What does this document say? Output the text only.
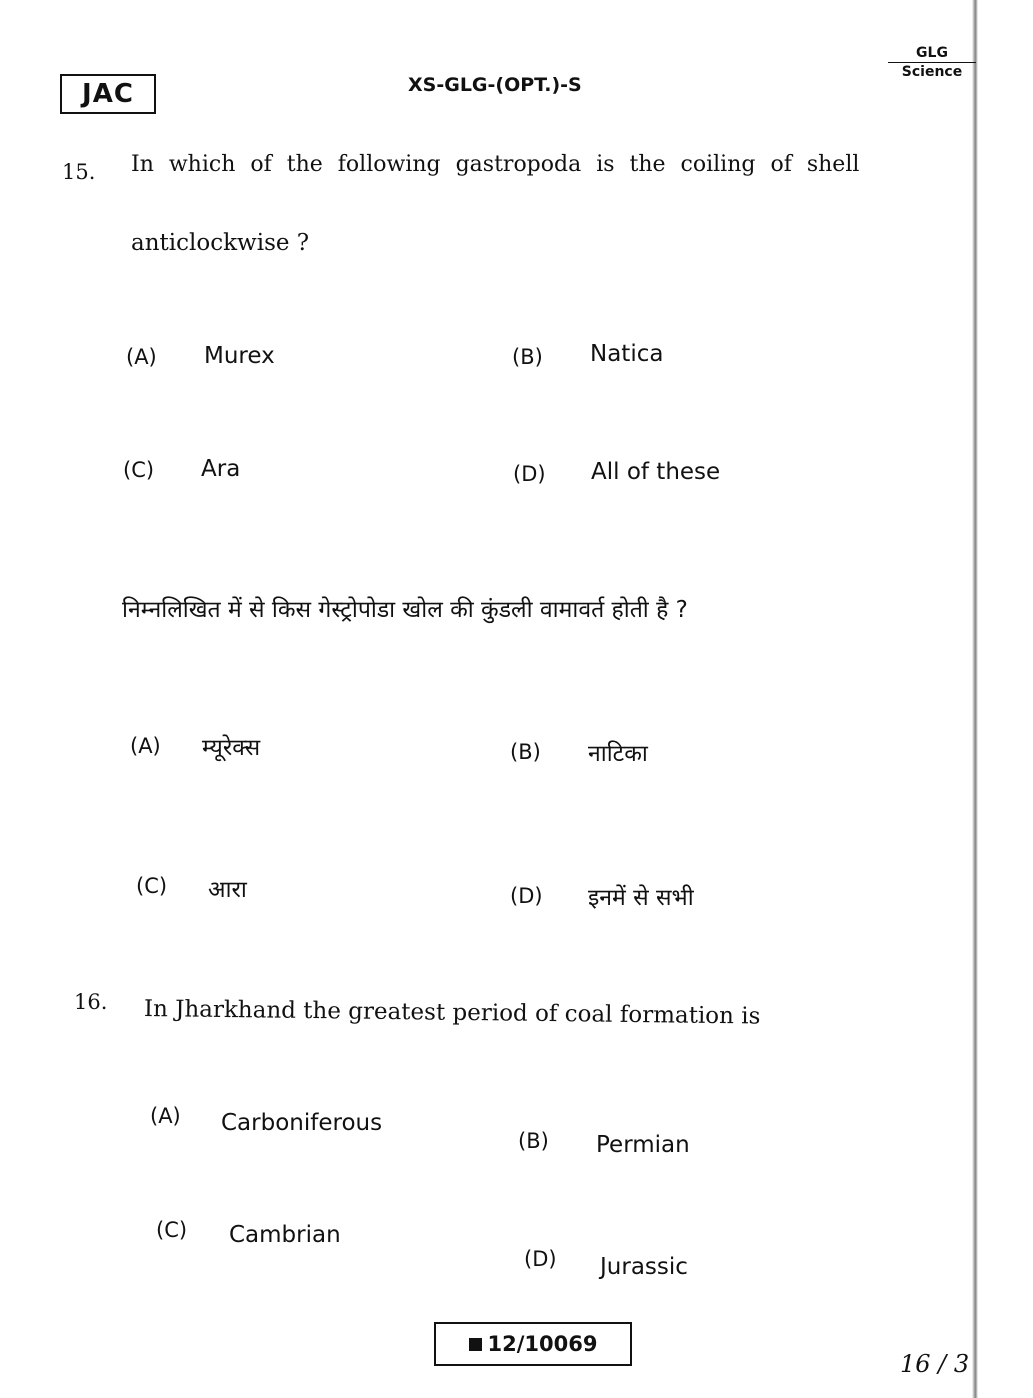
JAC	XS-GLG-(OPT.)-S
GLG
Science
15. In which of the following gastropoda is the coiling of shell
anticlockwise ?
(A) Murex	(B) Natica
(C) Ara	(D) All of these
निम्नलिखित में से किस गेस्ट्रोपोडा खोल की कुंडली वामावर्त होती है ?
(A) म्यूरेक्स	(B) नाटिका
(C) आरा	(D) इनमें से सभी
16. In Jharkhand the greatest period of coal formation is
(A) Carboniferous
(B) Permian
(C) Cambrian
(D) Jurassic
12/10069
16 / 3
